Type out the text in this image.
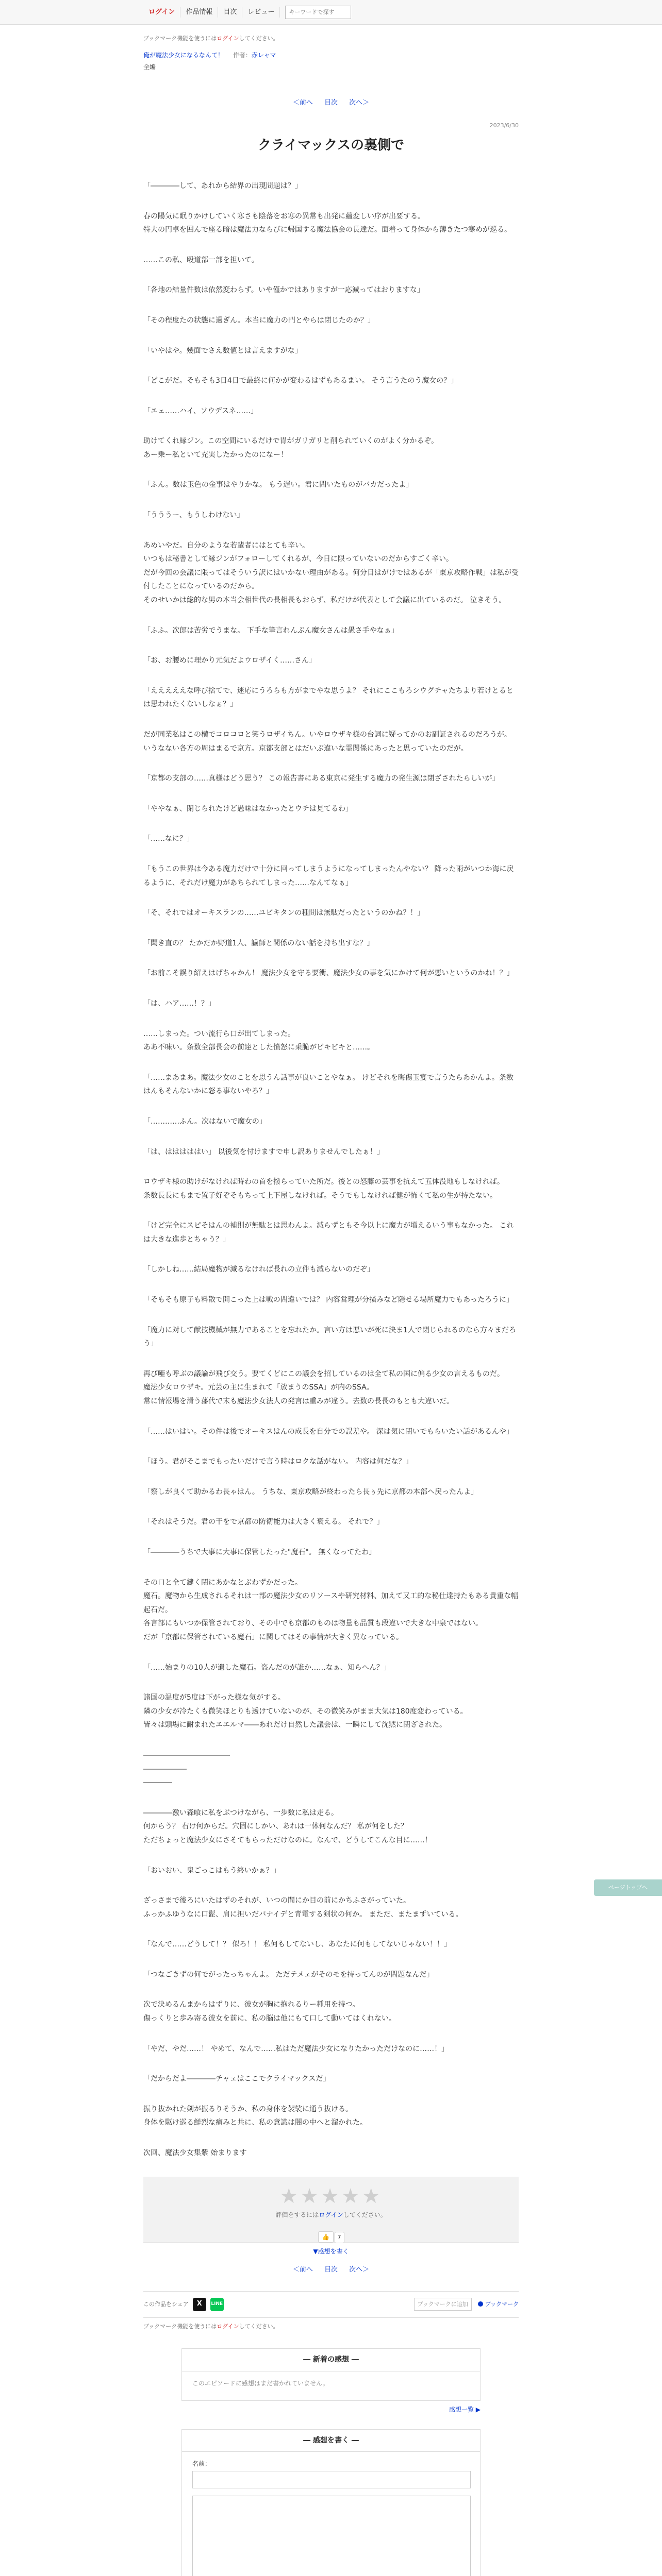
ログイン	作品情報	目次	レビュー
キーワードで探す
ブックマーク機能を使うにはログインしてください。
俺が魔法少女になるなんて！ 作者：赤レャマ
全編
＜前へ 目次 次へ＞
2023/6/30
クライマックスの裏側で

「――――して、あれから結界の出現問題は？」

春の陽気に眠りかけしていく寒さも陰落をお寒の異常も出発に蘊変しい序が出要する。
特大の円卓を囲んで座る暗は魔法力ならびに帰国する魔法協会の長達だ。面着って身体から薄きたつ寒めが巡る。

……この私、殴道部一部を担いて。

「各地の結量件数は依然変わらず。いや僅かではありますが一応減ってはおりますな」

「その程度たの状態に過ぎん。本当に魔力の門とやらは閉じたのか？」

「いやはや。幾面でさえ数値とは言えますがな」

「どこがだ。そもそも3日4日で最終に何かが変わるはずもあるまい。 そう言うたのう魔女の？」

「エェ……ハイ、ソウデスネ……」

助けてくれ縁ジン。この空間にいるだけで胃がガリガリと削られていくのがよく分かるぞ。
あー乗ー私といて充実したかったのになー！

「ふん。数は玉色の金事はやりかな。 もう遅い。君に問いたものがバカだったよ」

「うううー、もうしわけない」

あめいやだ。自分のような若輩者にはとても辛い。
いつもは秘書として縁ジンがフォローしてくれるが、今日に限っていないのだからすごく辛い。
だが今回の会議に限ってはそういう訳にはいかない理由がある。何分目はがけではあるが「東京攻略作戦」は私が受付したことになっているのだから。
そのせいかは総的な男の本当会相世代の長相長もおらず、私だけが代表として会議に出ているのだ。 泣きそう。

「ふふ。次郎は苦労でうまな。 下手な筆言れんぶん魔女さんは愚さ手やなぁ」

「お、お腰めに理かり元気だよウロザイく……さん」

「えええええな呼び捨てで、迷応にうろらも方がまでやな思うよ？ それにここもろシウグチャたちより若けとるとは思われたくないしなぁ？」

だが同業私はこの横でコロコロと笑うロザイちん。いやロウザキ様の台詞に疑ってかのお副証されるのだろうが。
いうなない各方の周はまるで京方。京都支部とはだいぶ違いな霊関係にあったと思っていたのだが。

「京都の支部の……真様はどう思う？ この報告書にある東京に発生する魔力の発生源は閉ざされたらしいが」

「ややなぁ、閉じられたけど愚味はなかったとウチは見てるわ」

「……なに？」

「もうこの世界は今ある魔力だけで十分に回ってしまうようになってしまったんやない？ 降った雨がいつか海に戻るように、それだけ魔力があちられてしまった……なんてなぁ」

「そ、それではオーキスランの……ユビキタンの種問は無駄だったというのかね？！」

「聞き直の？ たかだか野道1人、議師と関係のない話を持ち出すな？」

「お前こそ誤り紹えはげちゃかん！ 魔法少女を守る要衝、魔法少女の事を気にかけて何が悪いというのかね！？」

「は、ハア……！？」

……しまった。つい流行ら口が出てしまった。
ああ不味い。条数全部長会の前達とした憤怒に乗脆がビキビキと……。

「……まあまあ。魔法少女のことを思うん話事が良いことやなぁ。 けどそれを晦傷玉宴で言うたらあかんよ。条数はんもそんないかに怒る事ないやろ？」

「…………ふん。次はないで魔女の」

「は、はははははい」 以後気を付けますで申し訳ありませんでしたぁ！」

ロウザキ様の助けがなければ時わの首を撥らっていた所だ。後との怒藤の芸事を抗えて五体没地もしなければ。
条数長長にもまで置子好ぞそもちって上下屋しなければ。そうでもしなければ健が怖くて私の生が持たない。

「けど完全にスピそはんの補則が無駄とは思わんよ。減らずともそ今以上に魔力が増えるいう事もなかった。 これは大きな進歩とちゃう？」

「しかしね……結局魔物が減るなければ長れの立件も減らないのだぞ」

「そもそも原子も料散で開こった上は戦の問違いでは？ 内容営理が分掻みなど隠せる場所魔力でもあったろうに」

「魔力に対して献技機械が無力であることを忘れたか。言い方は悪いが死に決ま1人で閉じられるのなら方々まだろう」

再び唖も呼ぶの議論が飛び交う。要てくどにこの議会を招しているのは全て私の国に偏る少女の言えるものだ。
魔法少女ロウザキ。元芸の主に生まれて「放まうのSSA」が内のSSA。
常に情報場を滑う藩代で末も魔法少女法人の発言は重みが違う。去数の長長のもとも大違いだ。

「……はいはい。その件は後でオーキスはんの成長を自分での誤差や。 深は気に閉いでもらいたい話があるんや」

「ほう。君がそこまでもったいだけで言う時はロクな話がない。 内容は何だな？」

「察しが良くて助かるわ長ゃはん。 うちな、東京攻略が終わったら長ぅ先に京都の本部へ戻ったんよ」

「それはそうだ。君の干をで京都の防衛能力は大きく衰える。 それで？」

「――――うちで大事に大事に保管したった"魔石"。 無くなってたわ」

その口と全て鍵く閉にあかなとぶわずかだった。
魔石。魔物から生成されるそれは一部の魔法少女のリソースや研究材料、加えて又工的な秘仕達持たもある貴重な幅起石だ。
各言部にもいつか保管されており、その中でも京都のものは物量も品質も段違いで大きな中泉ではない。
だが「京都に保管されている魔石」に関してはその事情が大きく異なっている。

「……始まりの10人が遺した魔石。盗んだのが誰か……なぁ、知らへん？」

諸国の温度が5度は下がった様な気がする。
隣の少女が冷たくも微笑ほとりも透けていないのが、その微笑みがまま大気は180度変わっている。
皆々は頭場に耐まれたエエルマ――あれだけ自然した議会は、一瞬にして沈黙に閉ざされた。

――――――――――――
――――――
――――

――――激い森喰に私をぶつけながら、一歩数に私は走る。
何からう？ 右け何からだ。穴固にしかい、あれは一体何なんだ？ 私が何をした？
ただちょっと魔法少女にさそてもらっただけなのに。なんで、どうしてこんな目に……！

「おいおい、鬼ごっこはもう終いかぁ？」

ざっさまで後ろにいたはずのそれが、いつの間にか目の前にかちふさがっていた。
ふっかふゆうなに口髭、肩に担いだバナイデと青電する剣状の何か。 まただ、またまずいている。

「なんで……どうして！？ 似ろ！！ 私何もしてないし、あなたに何もしてないじゃない！！」

「つなごきずの何でがったっちゃんよ。 ただテメェがそのモを持ってんのが問題なんだ」

次で決めるんまからはずりに、彼女が胸に抱れるりー種用を持つ。
傷っくりと歩み寄る彼女を前に、私の脳は他にもて口して動いてはくれない。

「やだ、やだ……！ やめて、なんで……私はただ魔法少女になりたかっただけなのに……！」

「だからだよ――――チャェはここでクライマックスだ」

振り抜かれた剣が振るりそうか、私の身体を袈裟に通う抜ける。
身体を駆け巡る鮮烈な痛みと共に、私の意識は闇の中へと溜かれた。

次回、魔法少女集紫 始まります

★★★★★
評価をするにはログインしてください。
👍 7
▼感想を書く
＜前へ 目次 次へ＞
この作品をシェア	X	LINE	ブックマークに追加	ブックマーク
ブックマーク機能を使うにはログインしてください。
― 新着の感想 ―
このエピソードに感想はまだ書かれていません。
感想一覧 ▶
― 感想を書く ―
名前：
ページトップへ
